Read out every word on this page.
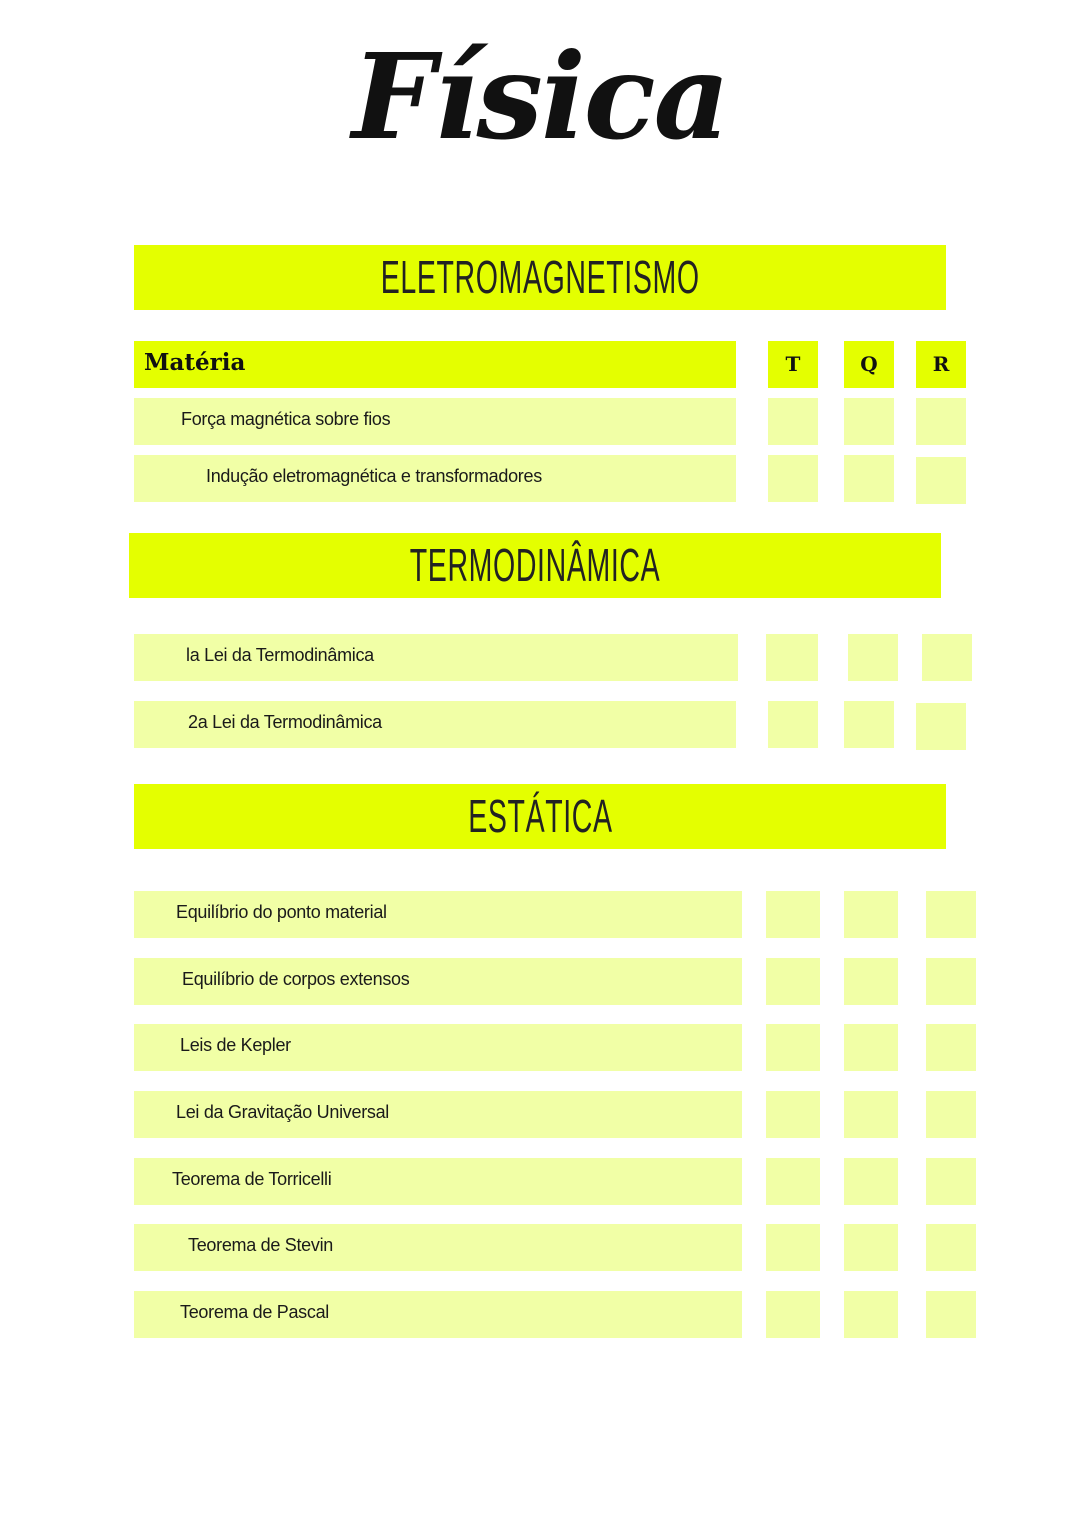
Física
ELETROMAGNETISMO
Matéria	T	Q	R
Força magnética sobre fios
Indução eletromagnética e transformadores
TERMODINÂMICA
la Lei da Termodinâmica
2a Lei da Termodinâmica
ESTÁTICA
Equilíbrio do ponto material
Equilíbrio de corpos extensos
Leis de Kepler
Lei da Gravitação Universal
Teorema de Torricelli
Teorema de Stevin
Teorema de Pascal
